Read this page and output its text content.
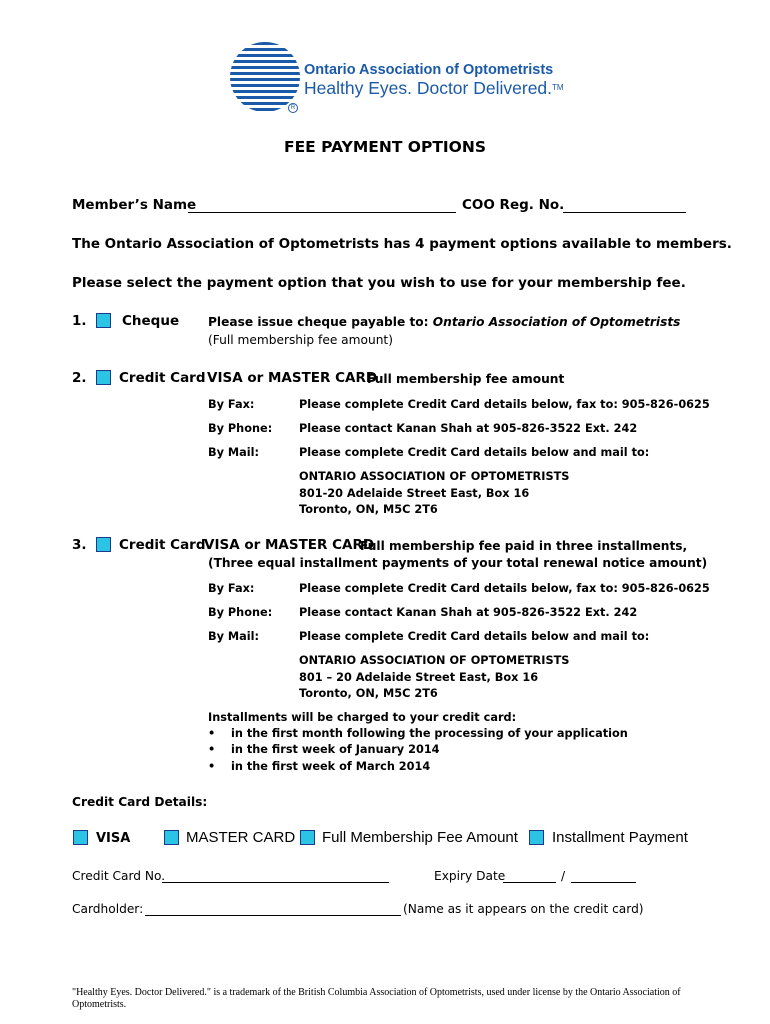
Ontario Association of Optometrists
Healthy Eyes. Doctor Delivered.™
R
FEE PAYMENT OPTIONS
Member’s Name	COO Reg. No.
The Ontario Association of Optometrists has 4 payment options available to members.
Please select the payment option that you wish to use for your membership fee.
1.	Cheque Please issue cheque payable to: Ontario Association of Optometrists
(Full membership fee amount)
2. Credit Card VISA or MASTER CARD
Full membership fee amount
By Fax:	Please complete Credit Card details below, fax to: 905-826-0625
By Phone: Please contact Kanan Shah at 905-826-3522 Ext. 242
By Mail:	Please complete Credit Card details below and mail to:
ONTARIO ASSOCIATION OF OPTOMETRISTS
801-20 Adelaide Street East, Box 16
Toronto, ON, M5C 2T6
3. Credit Card
VISA or MASTER CARD
Full membership fee paid in three installments,
(Three equal installment payments of your total renewal notice amount)
By Fax:	Please complete Credit Card details below, fax to: 905-826-0625
By Phone: Please contact Kanan Shah at 905-826-3522 Ext. 242
By Mail:	Please complete Credit Card details below and mail to:
ONTARIO ASSOCIATION OF OPTOMETRISTS
801 – 20 Adelaide Street East, Box 16
Toronto, ON, M5C 2T6
Installments will be charged to your credit card:
• in the first month following the processing of your application
• in the first week of January 2014
• in the first week of March 2014
Credit Card Details:
VISA	MASTER CARD Full Membership Fee Amount Installment Payment
Credit Card No.	Expiry Date	/
Cardholder:	(Name as it appears on the credit card)
"Healthy Eyes. Doctor Delivered." is a trademark of the British Columbia Association of Optometrists, used under license by the Ontario Association of Optometrists.
